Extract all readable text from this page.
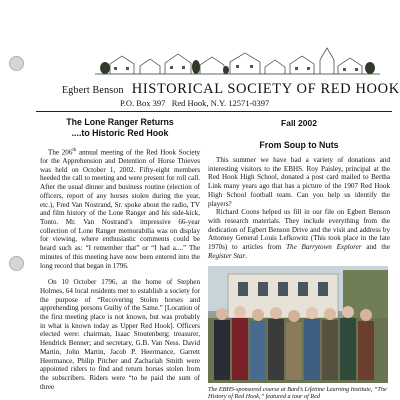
Egbert Benson HISTORICAL SOCIETY OF RED HOOK
P.O. Box 397 Red Hook, N.Y. 12571-0397
The Lone Ranger Returns
....to Historic Red Hook

The 206th annual meeting of the Red Hook Society for the Apprehension and Detention of Horse Thieves was held on October 1, 2002. Fifty-eight members heeded the call to meeting and were present for roll call. After the usual dinner and business routine (election of officers, report of any horses stolen during the year, etc.), Fred Van Nostrand, Sr. spoke about the radio, TV and film history of the Lone Ranger and his side-kick, Tonto. Mr. Van Nostrand’s impressive 66-year collection of Lone Ranger memorabilia was on display for viewing, where enthusiastic comments could be heard such as: “I remember that” or “I had a....” The minutes of this meeting have now been entered into the long record that began in 1796.

On 10 October 1796, at the home of Stephen Holmes, 64 local residents met to establish a society for the purpose of “Recovering Stolen horses and apprehending persons Guilty of the Same.” [Location of the first meeting place is not known, but was probably in what is known today as Upper Red Hook]. Officers elected were: chairman, Isaac Stoutenberg; treasurer, Hendrick Benner; and secretary, G.B. Van Ness. David Martin, John Martin, Jacob P. Heermance, Garrett Heermance, Philip Pitcher and Zachariah Smith were appointed riders to find and return horses stolen from the subscribers. Riders were “to be paid the sum of three

Fall 2002
From Soup to Nuts

This summer we have had a variety of donations and interesting visitors to the EBHS. Roy Paisley, principal at the Red Hook High School, donated a post card mailed to Bertha Link many years ago that has a picture of the 1907 Red Hook High School football team. Can you help us identify the players?

Richard Coons helped us fill in our file on Egbert Benson with research materials. They include everything from the dedication of Egbert Benson Drive and the visit and address by Attorney General Louis Lefkowitz (This took place in the late 1970s) to articles from The Barrytown Explorer and the Register Star.

The EBHS-sponsored course at Bard’s Lifetime Learning Institute, “The History of Red Hook,” featured a tour of Red
